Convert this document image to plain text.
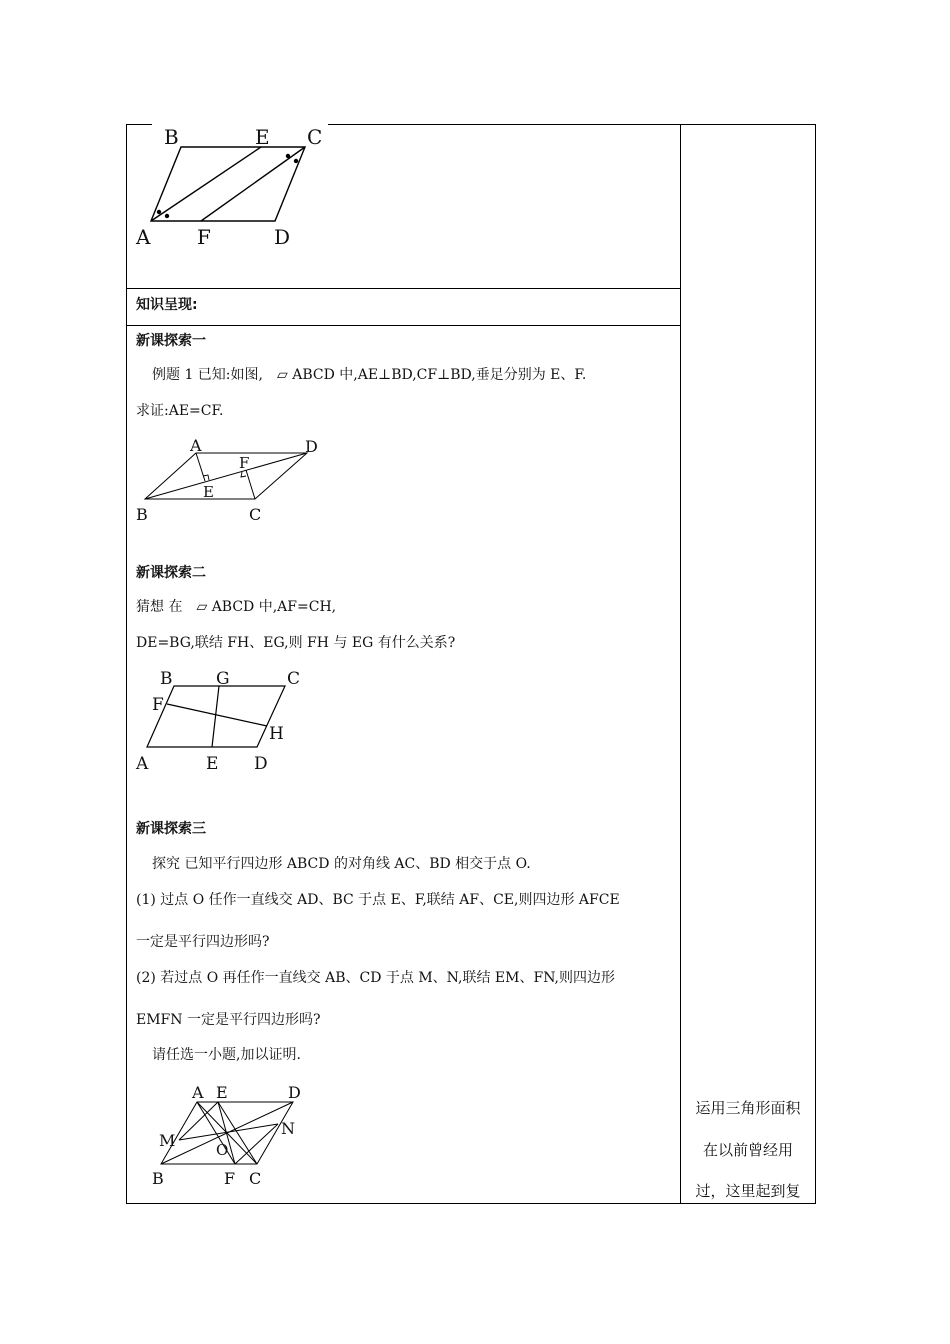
B	E C
A F	D
知识呈现:
新课探索一
例题 1 已知:如图, ▱ ABCD 中,AE⊥BD,CF⊥BD,垂足分别为 E、F.
求证:AE=CF.
A	D
F
E
B	C
新课探索二
猜想 在 ▱ ABCD 中,AF=CH,
DE=BG,联结 FH、EG,则 FH 与 EG 有什么关系?
B	G	C
F
H
A	E D
新课探索三
探究 已知平行四边形 ABCD 的对角线 AC、BD 相交于点 O.
(1) 过点 O 任作一直线交 AD、BC 于点 E、F,联结 AF、CE,则四边形 AFCE
一定是平行四边形吗?
(2) 若过点 O 再任作一直线交 AB、CD 于点 M、N,联结 EM、FN,则四边形
EMFN 一定是平行四边形吗?
请任选一小题,加以证明.
A E	D
M
N
O
B	F C
运用三角形面积
在以前曾经用
过，这里起到复
